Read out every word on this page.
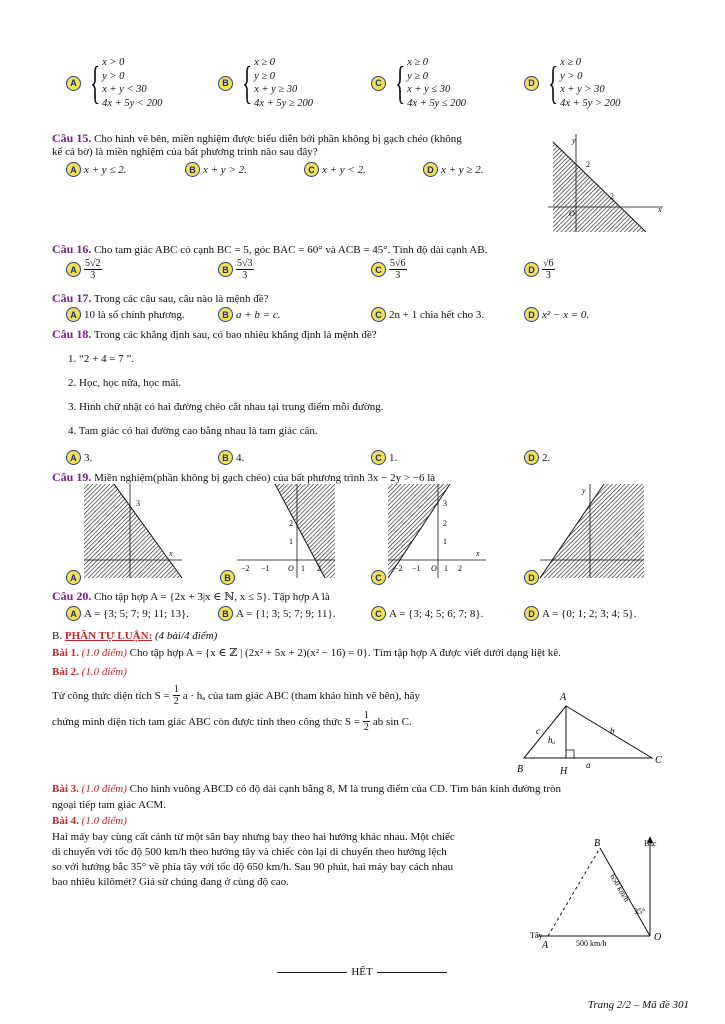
A { x > 0
y > 0
x + y < 30
4x + 5y < 200
B { x ≥ 0
y ≥ 0
x + y ≥ 30
4x + 5y ≥ 200
C { x ≥ 0
y ≥ 0
x + y ≤ 30
4x + 5y ≤ 200
D { x ≥ 0
y > 0
x + y > 30
4x + 5y > 200
Câu 15. Cho hình vẽ bên, miền nghiệm được biểu diễn bởi phần không bị gạch chéo (không
kể cả bờ) là miền nghiệm của bất phương trình nào sau đây?
A x + y ≤ 2.	B x + y > 2.	C x + y < 2.	D x + y ≥ 2.
y
x
2
2
O
Câu 16. Cho tam giác ABC có cạnh BC = 5, góc BAC = 60° và ACB = 45°. Tính độ dài cạnh AB.
A $\frac{5√2}{3}$	B $\frac{5√3}{3}$	C $\frac{5√6}{3}$	D $\frac{√6}{3}$
Câu 17. Trong các câu sau, câu nào là mệnh đề?
A 10 là số chính phương.	B a + b = c.	C 2n + 1 chia hết cho 3.	D x² − x = 0.
Câu 18. Trong các khẳng định sau, có bao nhiêu khẳng định là mệnh đề?
1. “2 + 4 = 7 ”.
2. Học, học nữa, học mãi.
3. Hình chữ nhật có hai đường chéo cắt nhau tại trung điểm mỗi đường.
4. Tam giác có hai đường cao bằng nhau là tam giác cân.
A 3.	B 4.	C 1.	D 2.
Câu 19. Miền nghiệm(phần không bị gạch chéo) của bất phương trình 3x − 2y > −6 là
3
x
A
2
1
−2 −1 O 1 2
B
3
2
1
−2 −1 O 1 2
x
C
y
D
Câu 20. Cho tập hợp A = {2x + 3|x ∈ ℕ, x ≤ 5}. Tập hợp A là
A A = {3; 5; 7; 9; 11; 13}.	B A = {1; 3; 5; 7; 9; 11}.	C A = {3; 4; 5; 6; 7; 8}.	D A = {0; 1; 2; 3; 4; 5}.
B. PHẦN TỰ LUẬN: (4 bài/4 điểm)
Bài 1. (1.0 điểm) Cho tập hợp A = {x ∈ ℤ | (2x² + 5x + 2)(x² − 16) = 0}. Tìm tập hợp A được viết dưới dạng liệt kê.
Bài 2. (1.0 điểm)
Từ công thức diện tích $S = \frac{1}{2}$ a · hₐ của tam giác ABC (tham khảo hình vẽ bên), hãy
chứng minh diện tích tam giác ABC còn được tính theo công thức $S = \frac{1}{2}$ ab sin C.
A
B
C
H
a
b
c
hₐ
Bài 3. (1.0 điểm) Cho hình vuông ABCD có độ dài cạnh bằng 8, M là trung điểm của CD. Tìm bán kính đường tròn
ngoại tiếp tam giác ACM.
Bài 4. (1.0 điểm)
Hai máy bay cùng cất cánh từ một sân bay nhưng bay theo hai hướng khác nhau. Một chiếc
di chuyển với tốc độ 500 km/h theo hướng tây và chiếc còn lại di chuyển theo hướng lệch
so với hướng bắc 35° về phía tây với tốc độ 650 km/h. Sau 90 phút, hai máy bay cách nhau
bao nhiêu kilômét? Giả sử chúng đang ở cùng độ cao.
B
A
O
Bắc
Tây
500 km/h
650 km/h
35°
HẾT
Trang 2/2 – Mã đề 301
